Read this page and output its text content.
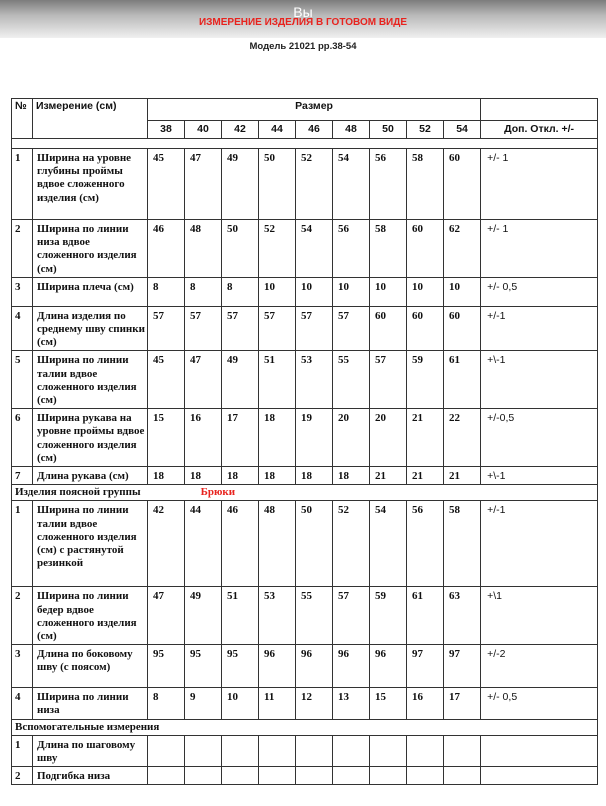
Вы
ИЗМЕРЕНИЕ ИЗДЕЛИЯ В ГОТОВОМ ВИДЕ
Модель 21021 рр.38-54
№	Измерение (см)	Размер									
		38	40	42	44	46	48	50	52	54	Доп. Откл. +/-

1	Ширина на уровне глубины проймы вдвое сложенного изделия (см)	45	47	49	50	52	54	56	58	60	+/- 1
2	Ширина по линии низа вдвое сложенного изделия (см)	46	48	50	52	54	56	58	60	62	+/- 1
3	Ширина плеча (см)	8	8	8	10	10	10	10	10	10	+/- 0,5
4	Длина изделия по среднему шву спинки (см)	57	57	57	57	57	57	60	60	60	+/-1
5	Ширина по линии талии вдвое сложенного изделия (см)	45	47	49	51	53	55	57	59	61	+\-1
6	Ширина рукава на уровне проймы вдвое сложенного изделия (см)	15	16	17	18	19	20	20	21	22	+/-0,5
7	Длина рукава (см)	18	18	18	18	18	18	21	21	21	+\-1
Изделия поясной группы Брюки											
1	Ширина по линии талии вдвое сложенного изделия (см) с растянутой резинкой	42	44	46	48	50	52	54	56	58	+/-1
2	Ширина по линии бедер вдвое сложенного изделия (см)	47	49	51	53	55	57	59	61	63	+\1
3	Длина по боковому шву (с поясом)	95	95	95	96	96	96	96	97	97	+/-2
4	Ширина по линии низа	8	9	10	11	12	13	15	16	17	+/- 0,5
Вспомогательные измерения											
1	Длина по шаговому шву										
2	Подгибка низа										
